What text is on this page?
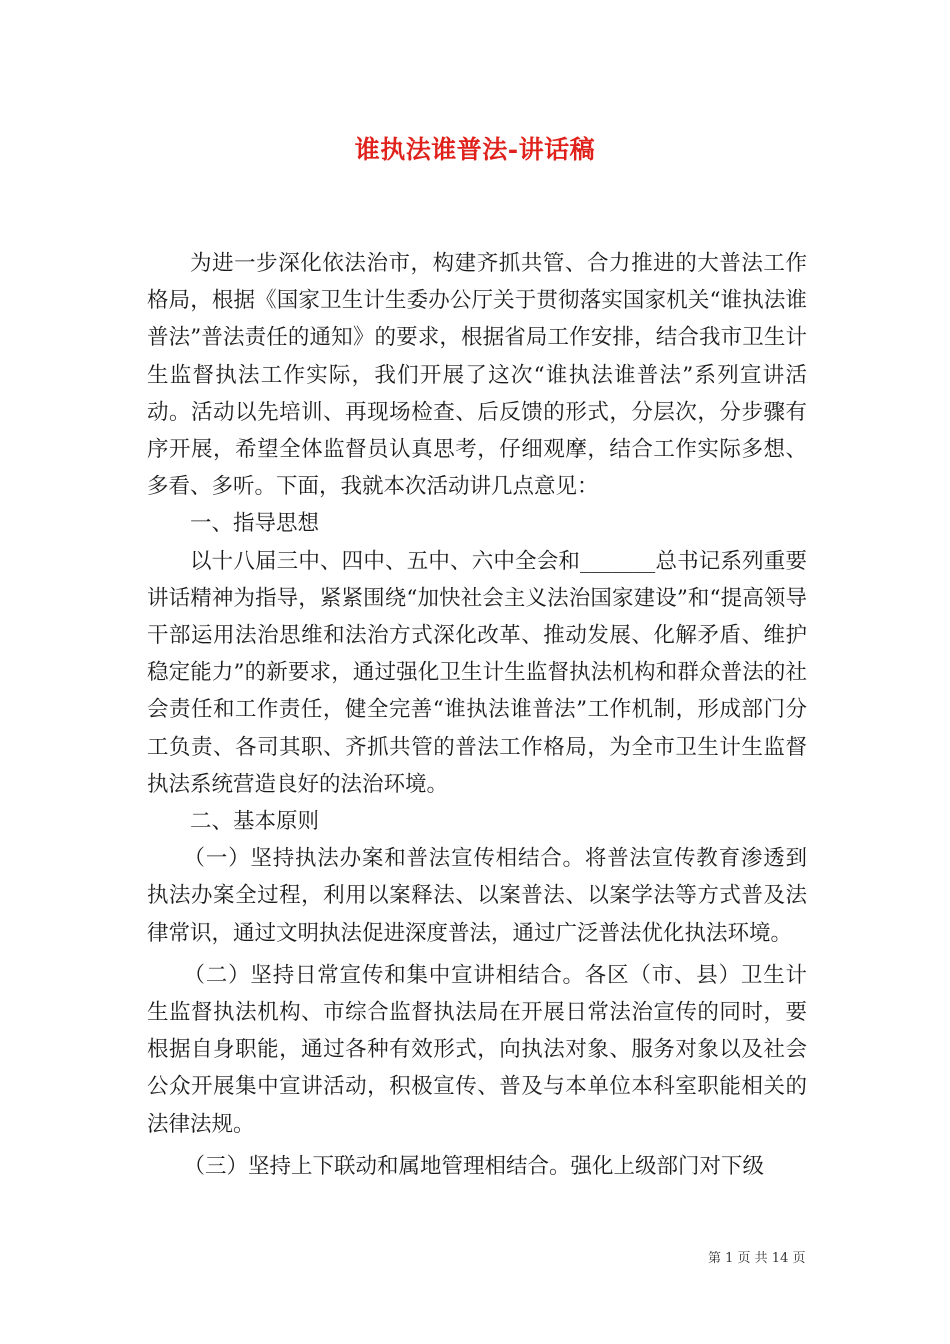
谁执法谁普法-讲话稿

为进一步深化依法治市，构建齐抓共管、合力推进的大普法工作格局，根据《国家卫生计生委办公厅关于贯彻落实国家机关“谁执法谁普法”普法责任的通知》的要求，根据省局工作安排，结合我市卫生计生监督执法工作实际，我们开展了这次“谁执法谁普法”系列宣讲活动。活动以先培训、再现场检查、后反馈的形式，分层次，分步骤有序开展，希望全体监督员认真思考，仔细观摩，结合工作实际多想、多看、多听。下面，我就本次活动讲几点意见：

一、指导思想

以十八届三中、四中、五中、六中全会和_______总书记系列重要讲话精神为指导，紧紧围绕“加快社会主义法治国家建设”和“提高领导干部运用法治思维和法治方式深化改革、推动发展、化解矛盾、维护稳定能力”的新要求，通过强化卫生计生监督执法机构和群众普法的社会责任和工作责任，健全完善“谁执法谁普法”工作机制，形成部门分工负责、各司其职、齐抓共管的普法工作格局，为全市卫生计生监督执法系统营造良好的法治环境。

二、基本原则

（一）坚持执法办案和普法宣传相结合。将普法宣传教育渗透到执法办案全过程，利用以案释法、以案普法、以案学法等方式普及法律常识，通过文明执法促进深度普法，通过广泛普法优化执法环境。

（二）坚持日常宣传和集中宣讲相结合。各区（市、县）卫生计生监督执法机构、市综合监督执法局在开展日常法治宣传的同时，要根据自身职能，通过各种有效形式，向执法对象、服务对象以及社会公众开展集中宣讲活动，积极宣传、普及与本单位本科室职能相关的法律法规。

（三）坚持上下联动和属地管理相结合。强化上级部门对下级

第 1 页 共 14 页
